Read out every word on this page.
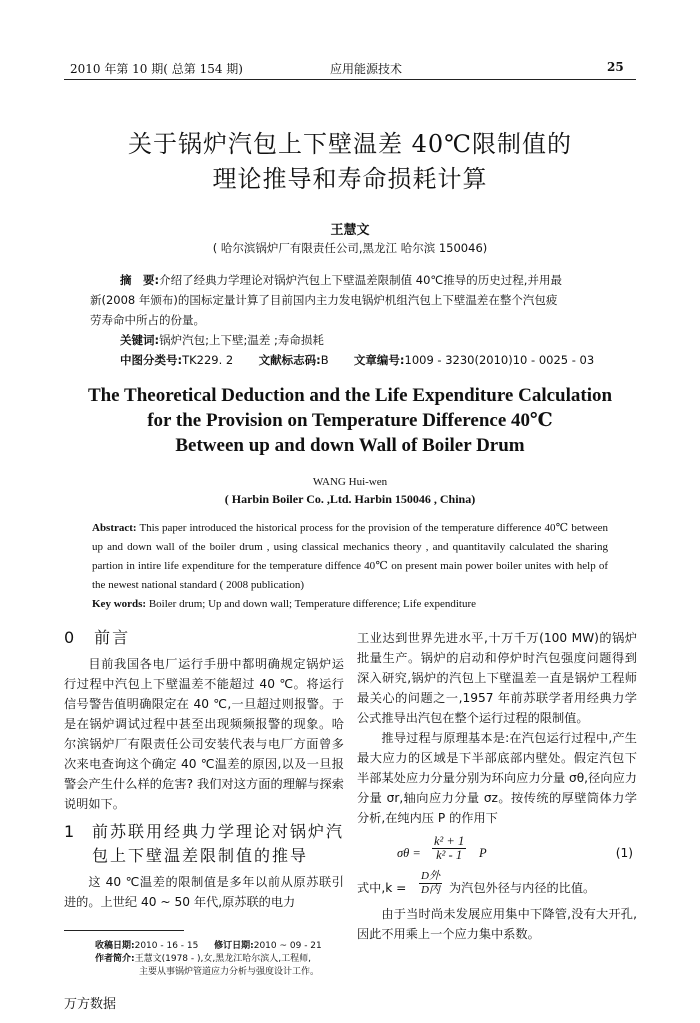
2010 年第 10 期( 总第 154 期)	应用能源技术	25
关于锅炉汽包上下壁温差 40℃限制值的
理论推导和寿命损耗计算
王慧文
( 哈尔滨锅炉厂有限责任公司,黑龙江 哈尔滨 150046)
摘　要:介绍了经典力学理论对锅炉汽包上下壁温差限制值 40℃推导的历史过程,并用最
新(2008 年颁布)的国标定量计算了目前国内主力发电锅炉机组汽包上下壁温差在整个汽包疲
劳寿命中所占的份量。
关键词:锅炉汽包;上下壁;温差 ;寿命损耗
中图分类号:TK229. 2 文献标志码:B 文章编号:1009 - 3230(2010)10 - 0025 - 03
The Theoretical Deduction and the Life Expenditure Calculation
for the Provision on Temperature Difference 40℃
Between up and down Wall of Boiler Drum
WANG Hui-wen
( Harbin Boiler Co. ,Ltd. Harbin 150046 , China)
Abstract: This paper introduced the historical process for the provision of the temperature difference 40℃ between up and down wall of the boiler drum , using classical mechanics theory , and quantitavily calculated the sharing partion in intire life expenditure for the temperature diffence 40℃ on present main power boiler unites with help of the newest national standard ( 2008 publication)
Key words: Boiler drum; Up and down wall; Temperature difference; Life expenditure
0　前言

目前我国各电厂运行手册中都明确规定锅炉运行过程中汽包上下壁温差不能超过 40 ℃。将运行信号警告值明确限定在 40 ℃,一旦超过则报警。于是在锅炉调试过程中甚至出现频频报警的现象。哈尔滨锅炉厂有限责任公司安装代表与电厂方面曾多次来电查询这个确定 40 ℃温差的原因,以及一旦报警会产生什么样的危害? 我们对这方面的理解与探索说明如下。

1 前苏联用经典力学理论对锅炉汽
包上下壁温差限制值的推导

这 40 ℃温差的限制值是多年以前从原苏联引进的。上世纪 40 ~ 50 年代,原苏联的电力

收稿日期:2010 - 16 - 15 修订日期:2010 ~ 09 - 21
作者简介:王慧文(1978 - ),女,黑龙江哈尔滨人,工程师,
主要从事锅炉管道应力分析与强度设计工作。

工业达到世界先进水平,十万千万(100 MW)的锅炉批量生产。锅炉的启动和停炉时汽包强度问题得到深入研究,锅炉的汽包上下壁温差一直是锅炉工程师最关心的问题之一,1957 年前苏联学者用经典力学公式推导出汽包在整个运行过程的限制值。

推导过程与原理基本是:在汽包运行过程中,产生最大应力的区域是下半部底部内壁处。假定汽包下半部某处应力分量分别为环向应力分量 σθ,径向应力分量 σr,轴向应力分量 σz。按传统的厚壁筒体力学分析,在纯内压 P 的作用下

$\sigma\theta = \frac{\text{k² + 1}}{\text{k² - 1}}$ P	(1)
式中,k =
D外
D内 为汽包外径与内径的比值。

由于当时尚未发展应用集中下降管,没有大开孔,因此不用乘上一个应力集中系数。

万方数据
